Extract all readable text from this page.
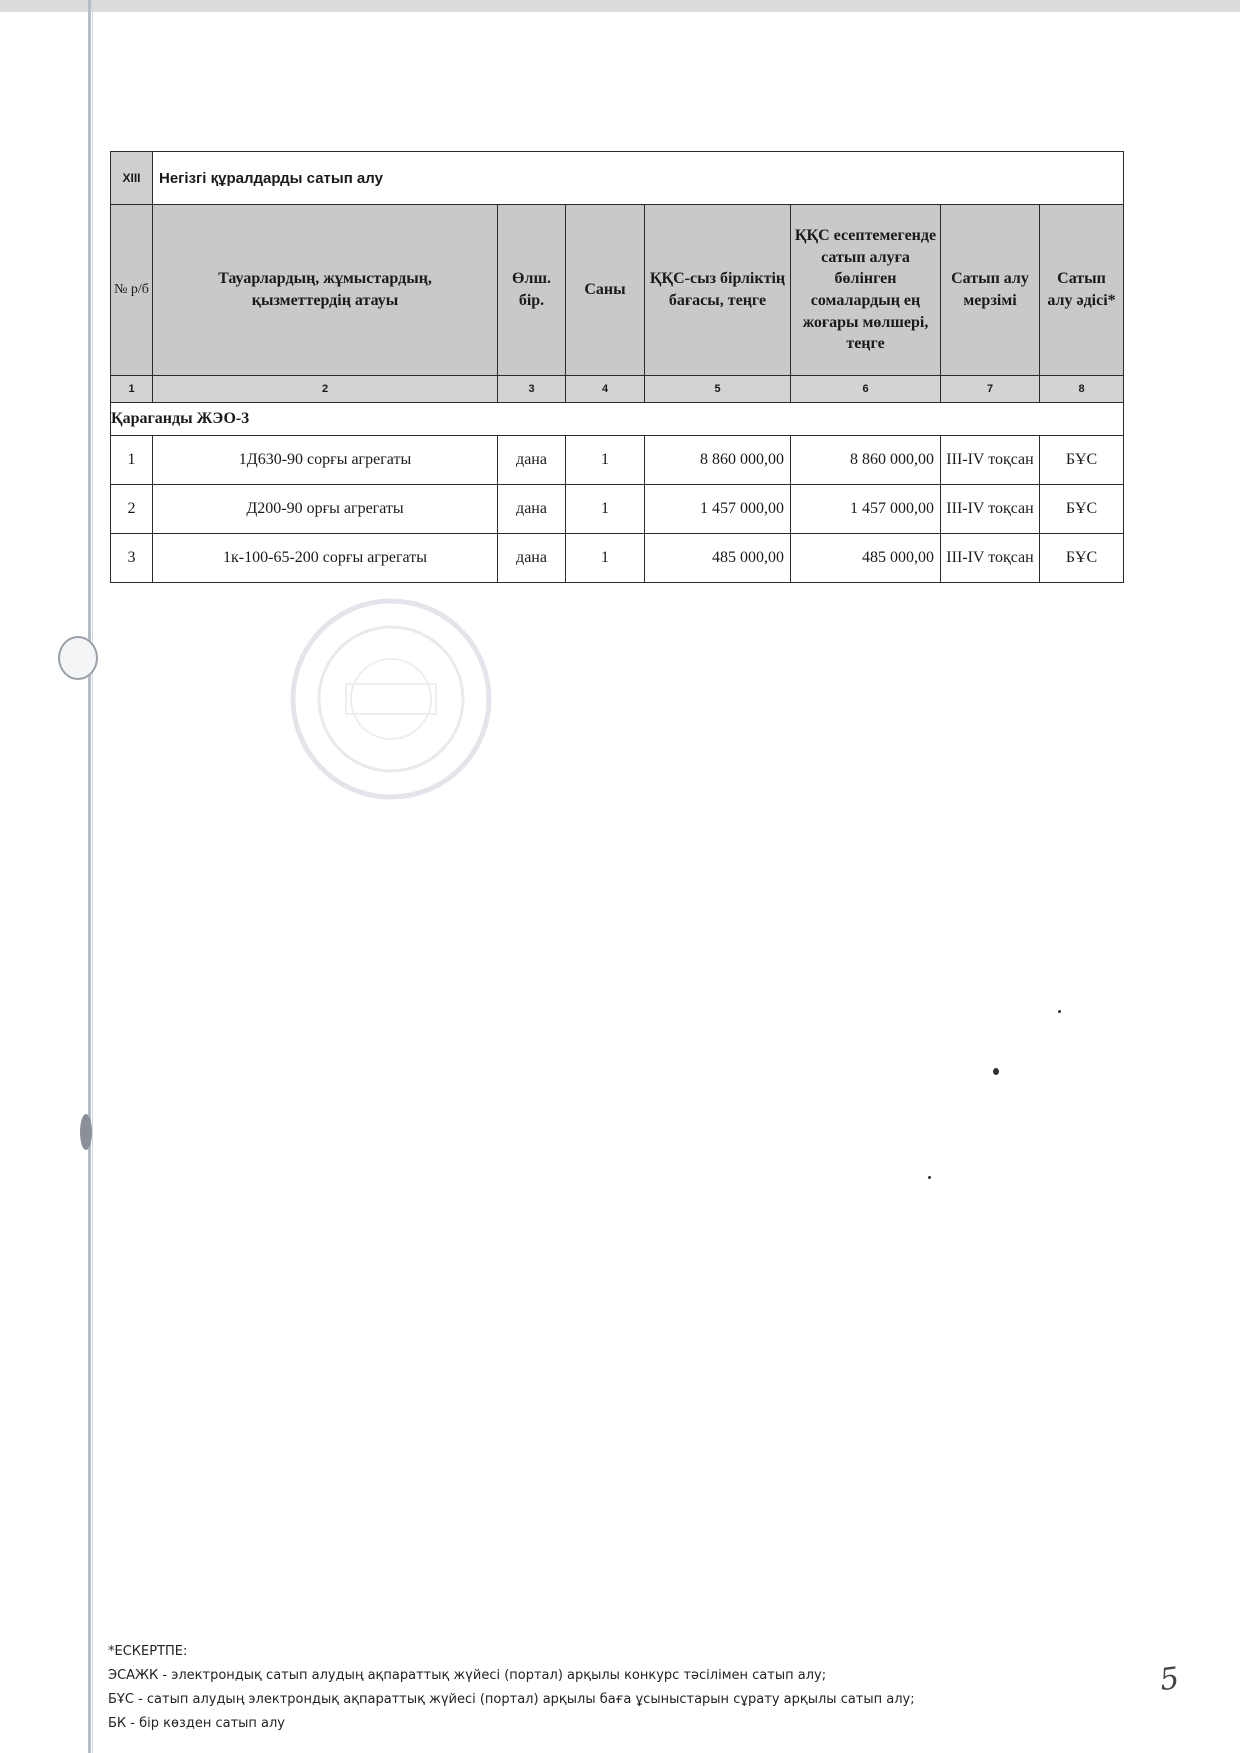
XIII	Негізгі құралдарды сатып алу						
№ р/б	Тауарлардың, жұмыстардың, қызметтердің атауы	Өлш. бір.	Саны	ҚҚС-сыз бірліктің бағасы, теңге	ҚҚС есептемегенде сатып алуға бөлінген сомалардың ең жоғары мөлшері, теңге	Сатып алу мерзімі	Сатып алу әдісі*
1	2	3	4	5	6	7	8
Қараганды ЖЭО-3							
1	1Д630-90 сорғы агрегаты	дана	1	8 860 000,00	8 860 000,00	III-IV тоқсан	БҰС
2	Д200-90 орғы агрегаты	дана	1	1 457 000,00	1 457 000,00	III-IV тоқсан	БҰС
3	1к-100-65-200 сорғы агрегаты	дана	1	485 000,00	485 000,00	III-IV тоқсан	БҰС
*ЕСКЕРТПЕ:
ЭСАЖК - электрондық сатып алудың ақпараттық жүйесі (портал) арқылы конкурс тәсілімен сатып алу;
БҰС - сатып алудың электрондық ақпараттық жүйесі (портал) арқылы баға ұсыныстарын сұрату арқылы сатып алу;
БК - бір көзден сатып алу
5
